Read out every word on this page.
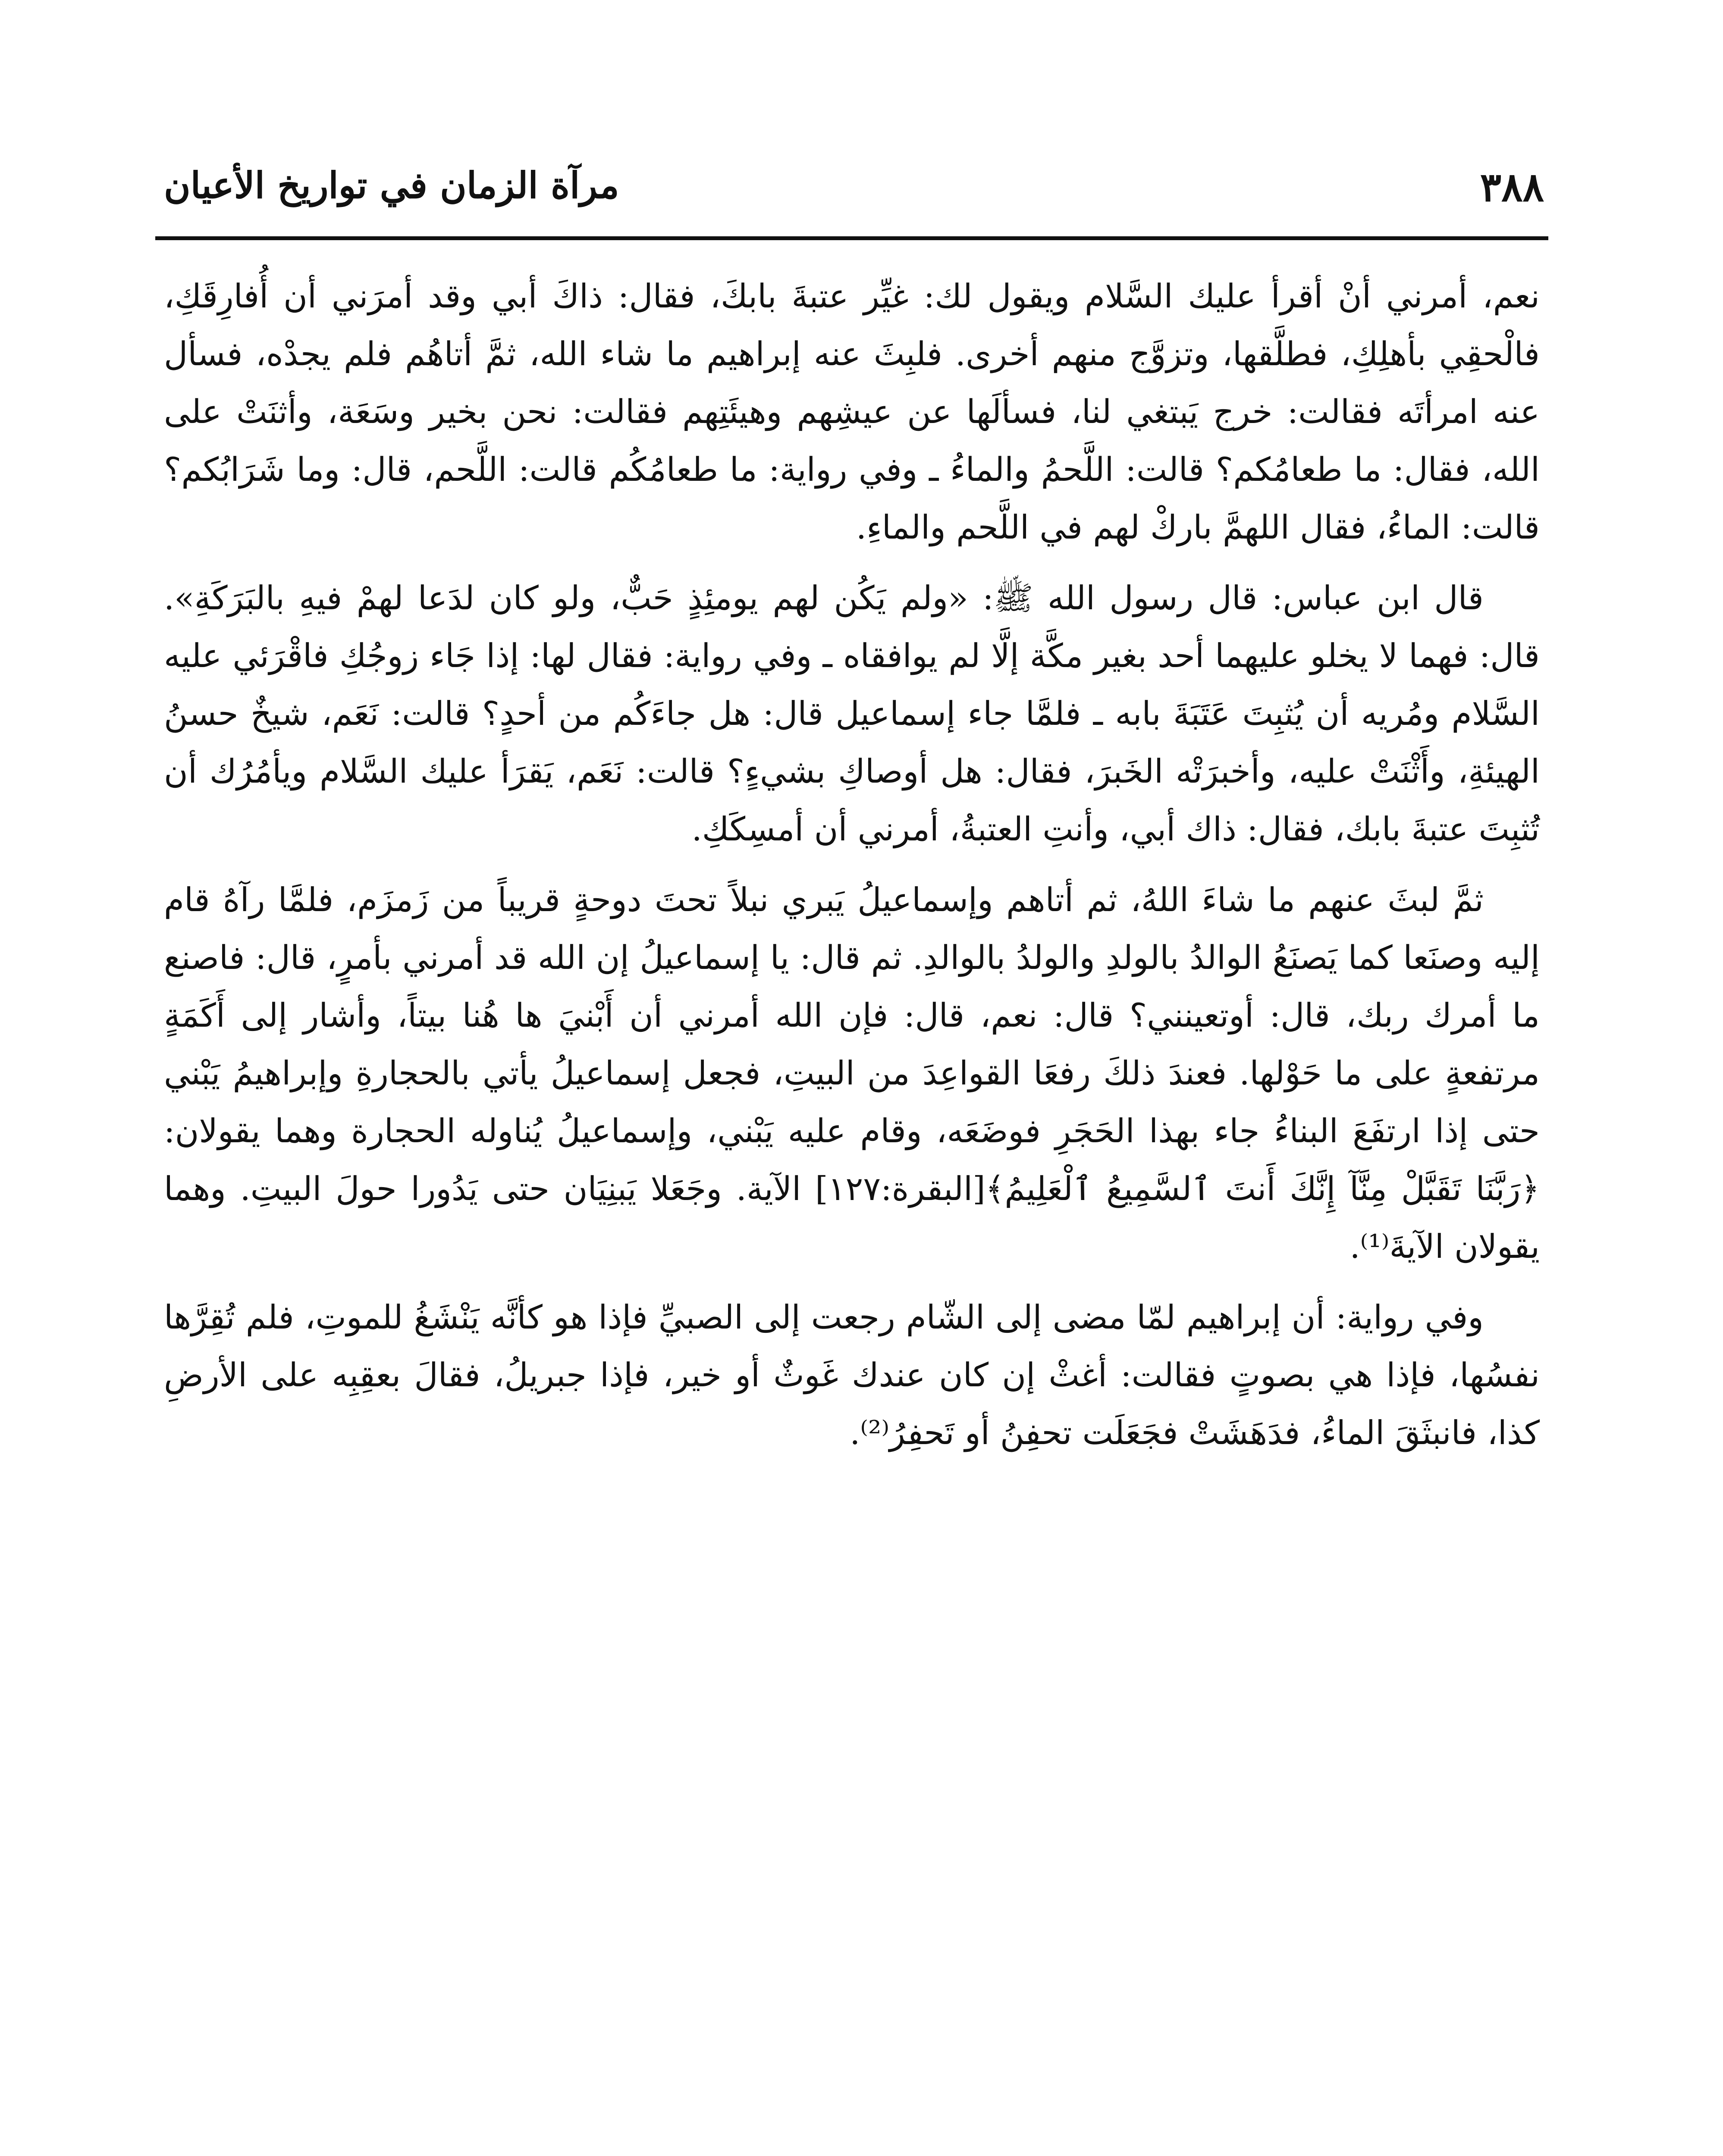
٣٨٨
مرآة الزمان في تواريخ الأعيان

نعم، أمرني أنْ أقرأ عليك السَّلام ويقول لك: غيِّر عتبةَ بابكَ، فقال: ذاكَ أبي وقد أمرَني أن أُفارِقَكِ، فالْحقِي بأهلِكِ، فطلَّقها، وتزوَّج منهم أخرى. فلبِثَ عنه إبراهيم ما شاء الله، ثمَّ أتاهُم فلم يجدْه، فسأل عنه امرأتَه فقالت: خرج يَبتغي لنا، فسألَها عن عيشِهم وهيئَتِهم فقالت: نحن بخير وسَعَة، وأثنَتْ على الله، فقال: ما طعامُكم؟ قالت: اللَّحمُ والماءُ ـ وفي رواية: ما طعامُكُم قالت: اللَّحم، قال: وما شَرَابُكم؟ قالت: الماءُ، فقال اللهمَّ باركْ لهم في اللَّحم والماءِ.

قال ابن عباس: قال رسول الله ﷺ: «ولم يَكُن لهم يومئِذٍ حَبٌّ، ولو كان لدَعا لهمْ فيهِ بالبَرَكَةِ». قال: فهما لا يخلو عليهما أحد بغير مكَّة إلَّا لم يوافقاه ـ وفي رواية: فقال لها: إذا جَاء زوجُكِ فاقْرَئي عليه السَّلام ومُريه أن يُثبِتَ عَتَبَةَ بابه ـ فلمَّا جاء إسماعيل قال: هل جاءَكُم من أحدٍ؟ قالت: نَعَم، شيخٌ حسنُ الهيئةِ، وأَثْنَتْ عليه، وأخبرَتْه الخَبرَ، فقال: هل أوصاكِ بشيءٍ؟ قالت: نَعَم، يَقرَأ عليك السَّلام ويأمُرُك أن تُثبِتَ عتبةَ بابك، فقال: ذاك أبي، وأنتِ العتبةُ، أمرني أن أمسِكَكِ.

ثمَّ لبثَ عنهم ما شاءَ اللهُ، ثم أتاهم وإسماعيلُ يَبري نبلاً تحتَ دوحةٍ قريباً من زَمزَم، فلمَّا رآهُ قام إليه وصنَعا كما يَصنَعُ الوالدُ بالولدِ والولدُ بالوالدِ. ثم قال: يا إسماعيلُ إن الله قد أمرني بأمرٍ، قال: فاصنع ما أمرك ربك، قال: أوتعينني؟ قال: نعم، قال: فإن الله أمرني أن أَبْنيَ ها هُنا بيتاً، وأشار إلى أَكَمَةٍ مرتفعةٍ على ما حَوْلها. فعندَ ذلكَ رفعَا القواعِدَ من البيتِ، فجعل إسماعيلُ يأتي بالحجارةِ وإبراهيمُ يَبْني حتى إذا ارتفَعَ البناءُ جاء بهذا الحَجَرِ فوضَعَه، وقام عليه يَبْني، وإسماعيلُ يُناوله الحجارة وهما يقولان: ﴿رَبَّنَا تَقَبَّلْ مِنَّآ إِنَّكَ أَنتَ ٱلسَّمِيعُ ٱلْعَلِيمُ﴾[البقرة:١٢٧] الآية. وجَعَلا يَبنِيَان حتى يَدُورا حولَ البيتِ. وهما يقولان الآيةَ⁽¹⁾.

وفي رواية: أن إبراهيم لمّا مضى إلى الشّام رجعت إلى الصبيِّ فإذا هو كأنَّه يَنْشَغُ للموتِ، فلم تُقِرَّها نفسُها، فإذا هي بصوتٍ فقالت: أغثْ إن كان عندك غَوثٌ أو خير، فإذا جبريلُ، فقالَ بعقِبِه على الأرضِ كذا، فانبثَقَ الماءُ، فدَهَشَتْ فجَعَلَت تحفِنُ أو تَحفِرُ⁽²⁾.
